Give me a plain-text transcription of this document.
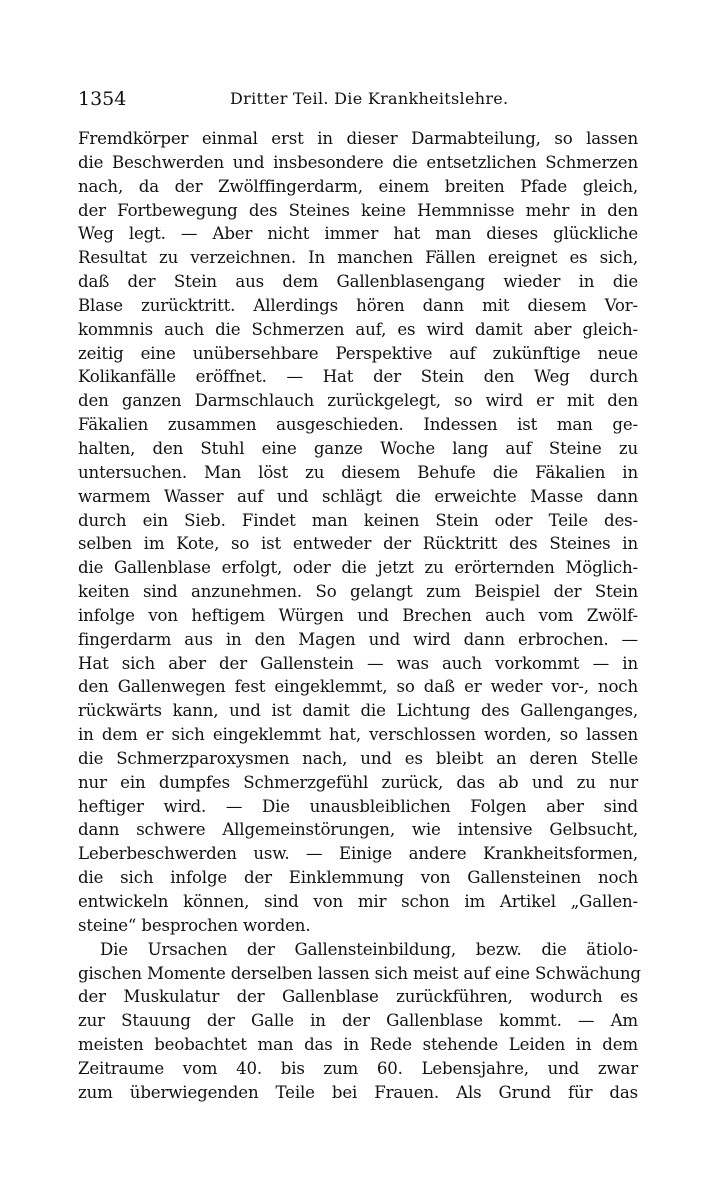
1354	Dritter Teil. Die Krankheitslehre.
Fremdkörper einmal erst in dieser Darmabteilung, so lassen
die Beschwerden und insbesondere die entsetzlichen Schmerzen
nach, da der Zwölffingerdarm, einem breiten Pfade gleich,
der Fortbewegung des Steines keine Hemmnisse mehr in den
Weg legt. — Aber nicht immer hat man dieses glückliche
Resultat zu verzeichnen. In manchen Fällen ereignet es sich,
daß der Stein aus dem Gallenblasengang wieder in die
Blase zurücktritt. Allerdings hören dann mit diesem Vor-
kommnis auch die Schmerzen auf, es wird damit aber gleich-
zeitig eine unübersehbare Perspektive auf zukünftige neue
Kolikanfälle eröffnet. — Hat der Stein den Weg durch
den ganzen Darmschlauch zurückgelegt, so wird er mit den
Fäkalien zusammen ausgeschieden. Indessen ist man ge-
halten, den Stuhl eine ganze Woche lang auf Steine zu
untersuchen. Man löst zu diesem Behufe die Fäkalien in
warmem Wasser auf und schlägt die erweichte Masse dann
durch ein Sieb. Findet man keinen Stein oder Teile des-
selben im Kote, so ist entweder der Rücktritt des Steines in
die Gallenblase erfolgt, oder die jetzt zu erörternden Möglich-
keiten sind anzunehmen. So gelangt zum Beispiel der Stein
infolge von heftigem Würgen und Brechen auch vom Zwölf-
fingerdarm aus in den Magen und wird dann erbrochen. —
Hat sich aber der Gallenstein — was auch vorkommt — in
den Gallenwegen fest eingeklemmt, so daß er weder vor-, noch
rückwärts kann, und ist damit die Lichtung des Gallenganges,
in dem er sich eingeklemmt hat, verschlossen worden, so lassen
die Schmerzparoxysmen nach, und es bleibt an deren Stelle
nur ein dumpfes Schmerzgefühl zurück, das ab und zu nur
heftiger wird. — Die unausbleiblichen Folgen aber sind
dann schwere Allgemeinstörungen, wie intensive Gelbsucht,
Leberbeschwerden usw. — Einige andere Krankheitsformen,
die sich infolge der Einklemmung von Gallensteinen noch
entwickeln können, sind von mir schon im Artikel „Gallen-
steine“ besprochen worden.
Die Ursachen der Gallensteinbildung, bezw. die ätiolo-
gischen Momente derselben lassen sich meist auf eine Schwächung
der Muskulatur der Gallenblase zurückführen, wodurch es
zur Stauung der Galle in der Gallenblase kommt. — Am
meisten beobachtet man das in Rede stehende Leiden in dem
Zeitraume vom 40. bis zum 60. Lebensjahre, und zwar
zum überwiegenden Teile bei Frauen. Als Grund für das
